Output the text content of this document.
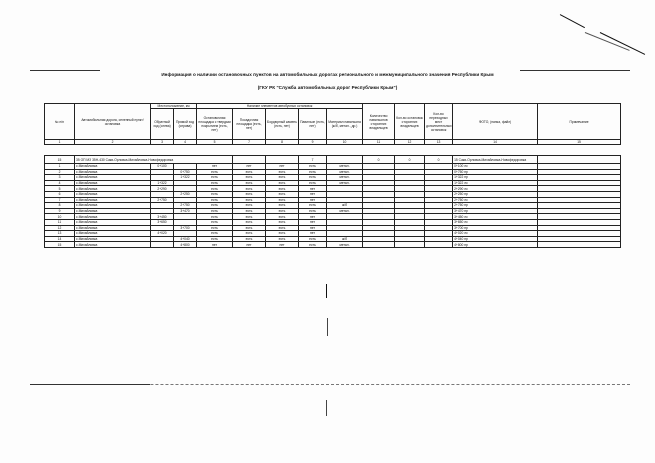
Информация о наличии остановочных пунктов на автомобильных дорогах регионального и межмуниципального значения Республики Крым
(ГКУ РК "Служба автомобильных дорог Республики Крым")
№ п/п	Автомобильная дорога, селенный пункт/остановка	Местоположение, км		Наличие элементов автобусных остановок					Количество павильонов сторонних владельцев	Кол-во остановок сторонних владельцев	Кол-во переходных мест дополнительных остановок	ФОТО, (папка, файл)	Примечание
		Обратный ход (слева)	Прямой ход (справа)	Остановочная площадка с твердым покрытием (есть, нет)	Посадочная площадка (есть, нет)	Бордюрный камень (есть, нет)	Павильон (есть, нет)	Материал павильона (ж/б, метал., др.)					
1	2	3	4	5	7	8	9	10	11	12	13	14	15

15	35 ОП МЗ 35Н-430 Саки-Орловка-Михайловка-Новофедоровка						7		0	0	0	15 Саки-Орловка-Михайловка-Новофедоровка	
1	с.Михайловка	0+100		нет	нет	нет	есть	метал.				0+100 лс	
2	с.Михайловка		0+750	есть	есть	есть	есть	метал.				0+750 пр	
3	с.Михайловка		1+322	есть	есть	есть	есть	метал.				1+322 пр	
4	с.Михайловка	1+322		есть	есть	есть	есть	метал.				1+322 лс	
5	с.Михайловка	2+290		есть	есть	есть	нет					2+290 лс	
6	с.Михайловка		2+250	есть	есть	есть	нет					2+250 пр	
7	с.Михайловка	2+750		есть	есть	есть	нет					2+750 лс	
8	с.Михайловка		2+750	есть	есть	есть	есть	ж/б				2+750 пр	
9	с.Михайловка		3+470	есть	есть	есть	есть	метал.				3+470 пр	
10	с.Михайловка	3+450		есть	есть	есть	нет					3+450 лс	
11	с.Михайловка	3+650		есть	есть	есть	нет					3+650 лс	
12	с.Михайловка		3+700	есть	есть	есть	нет					3+700 пр	
13	с.Михайловка	4+020		есть	есть	есть	нет					4+020 лс	
14	с.Михайловка		4+040	есть	есть	есть	есть	ж/б				4+040 пр	
15	с.Михайловка		4+800	нет	нет	нет	есть	метал.				4+800 пр	
